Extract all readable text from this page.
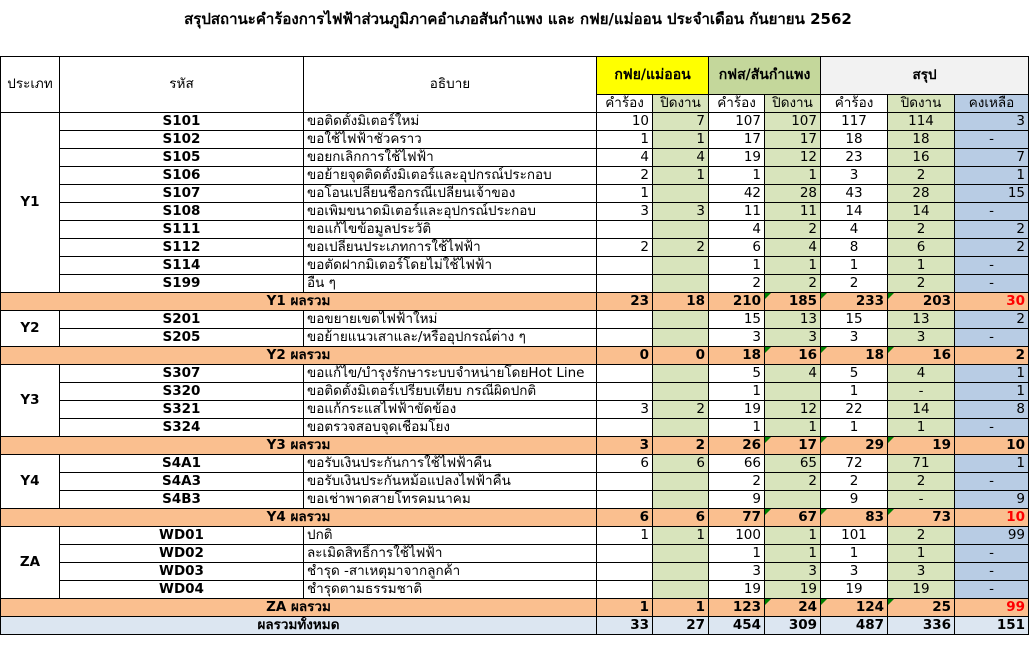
สรุปสถานะคำร้องการไฟฟ้าส่วนภูมิภาคอำเภอสันกำแพง และ กฟย/แม่ออน ประจำเดือน กันยายน 2562

ประเภท	รหัส	อธิบาย	กฟย/แม่ออน		กฟส/สันกำแพง		สรุป		
			คำร้อง	ปิดงาน	คำร้อง	ปิดงาน	คำร้อง	ปิดงาน	คงเหลือ
Y1	S101	ขอติดตั้งมิเตอร์ใหม่	10	7	107	107	117	114	3
	S102	ขอใช้ไฟฟ้าชั่วคราว	1	1	17	17	18	18	-
	S105	ขอยกเลิกการใช้ไฟฟ้า	4	4	19	12	23	16	7
	S106	ขอย้ายจุดติดตั้งมิเตอร์และอุปกรณ์ประกอบ	2	1	1	1	3	2	1
	S107	ขอโอนเปลี่ยนชื่อกรณีเปลี่ยนเจ้าของ	1		42	28	43	28	15
	S108	ขอเพิ่มขนาดมิเตอร์และอุปกรณ์ประกอบ	3	3	11	11	14	14	-
	S111	ขอแก้ไขข้อมูลประวัติ			4	2	4	2	2
	S112	ขอเปลี่ยนประเภทการใช้ไฟฟ้า	2	2	6	4	8	6	2
	S114	ขอตัดฝากมิเตอร์โดยไม่ใช้ไฟฟ้า			1	1	1	1	-
	S199	อื่น ๆ			2	2	2	2	-
Y1 ผลรวม			23	18	210	185	233	203	30
Y2	S201	ขอขยายเขตไฟฟ้าใหม่			15	13	15	13	2
	S205	ขอย้ายแนวเสาและ/หรืออุปกรณ์ต่าง ๆ			3	3	3	3	-
Y2 ผลรวม			0	0	18	16	18	16	2
Y3	S307	ขอแก้ไข/บำรุงรักษาระบบจำหน่ายโดยHot Line			5	4	5	4	1
	S320	ขอติดตั้งมิเตอร์เปรียบเทียบ กรณีผิดปกติ			1		1	-	1
	S321	ขอแก้กระแสไฟฟ้าขัดข้อง	3	2	19	12	22	14	8
	S324	ขอตรวจสอบจุดเชื่อมโยง			1	1	1	1	-
Y3 ผลรวม			3	2	26	17	29	19	10
Y4	S4A1	ขอรับเงินประกันการใช้ไฟฟ้าคืน	6	6	66	65	72	71	1
	S4A3	ขอรับเงินประกันหม้อแปลงไฟฟ้าคืน			2	2	2	2	-
	S4B3	ขอเช่าพาดสายโทรคมนาคม			9		9	-	9
Y4 ผลรวม			6	6	77	67	83	73	10
ZA	WD01	ปกติ	1	1	100	1	101	2	99
	WD02	ละเมิดสิทธิ์การใช้ไฟฟ้า			1	1	1	1	-
	WD03	ชำรุด -สาเหตุมาจากลูกค้า			3	3	3	3	-
	WD04	ชำรุดตามธรรมชาติ			19	19	19	19	-
ZA ผลรวม			1	1	123	24	124	25	99
ผลรวมทั้งหมด			33	27	454	309	487	336	151
